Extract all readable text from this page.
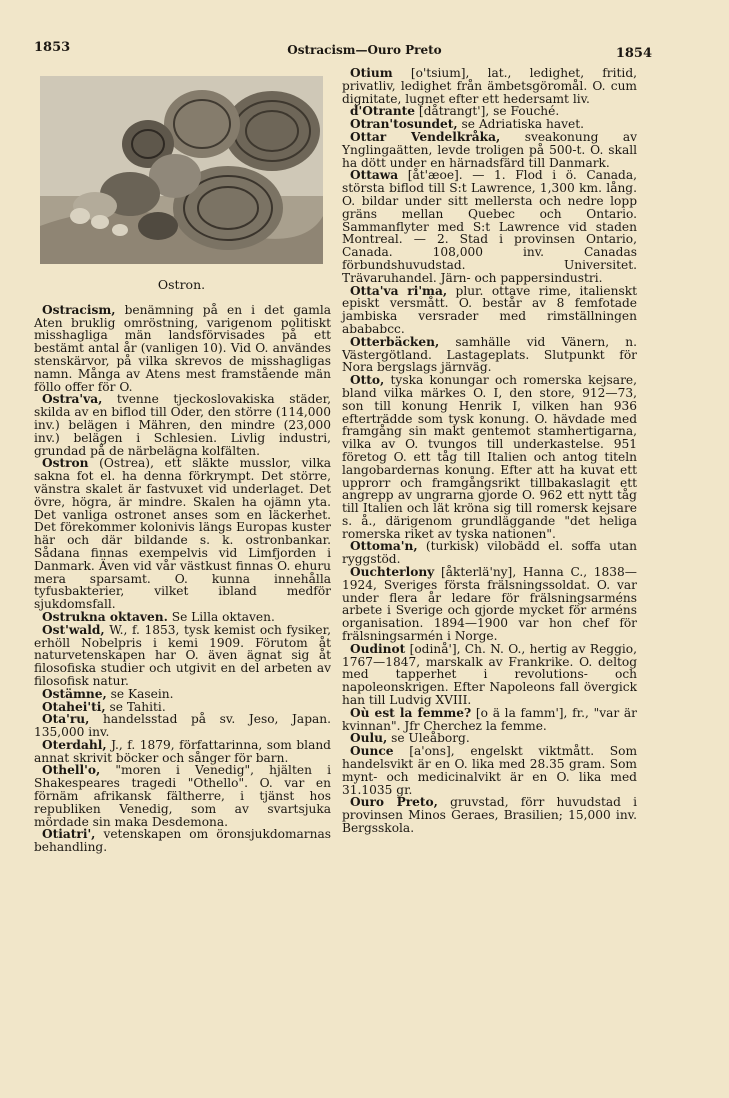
1853	Ostracism—Ouro Preto	1854
Ostron.

Ostracism, benämning på en i det gamla Aten bruklig omröstning, varigenom politiskt misshagliga män landsförvisades på ett bestämt antal år (vanligen 10). Vid O. användes stenskärvor, på vilka skrevos de misshagligas namn. Många av Atens mest framstående män föllo offer för O.

Ostra'va, tvenne tjeckoslovakiska städer, skilda av en biflod till Oder, den större (114,000 inv.) belägen i Mähren, den mindre (23,000 inv.) belägen i Schlesien. Livlig industri, grundad på de närbelägna kolfälten.

Ostron (Ostrea), ett släkte musslor, vilka sakna fot el. ha denna förkrympt. Det större, vänstra skalet är fastvuxet vid underlaget. Det övre, högra, är mindre. Skalen ha ojämn yta. Det vanliga ostronet anses som en läckerhet. Det förekommer kolonivis längs Europas kuster här och där bildande s. k. ostronbankar. Sådana finnas exempelvis vid Limfjorden i Danmark. Även vid vår västkust finnas O. ehuru mera sparsamt. O. kunna innehålla tyfusbakterier, vilket ibland medför sjukdomsfall.

Ostrukna oktaven. Se Lilla oktaven.

Ost'wald, W., f. 1853, tysk kemist och fysiker, erhöll Nobelpris i kemi 1909. Förutom åt naturvetenskapen har O. även ägnat sig åt filosofiska studier och utgivit en del arbeten av filosofisk natur.

Ostämne, se Kasein.

Otahei'ti, se Tahiti.

Ota'ru, handelsstad på sv. Jeso, Japan. 135,000 inv.

Oterdahl, J., f. 1879, författarinna, som bland annat skrivit böcker och sånger för barn.

Othell'o, "moren i Venedig", hjälten i Shakespeares tragedi "Othello". O. var en förnäm afrikansk fältherre, i tjänst hos republiken Venedig, som av svartsjuka mördade sin maka Desdemona.

Otiatri', vetenskapen om öronsjukdomarnas behandling.

Otium [o'tsium], lat., ledighet, fritid, privatliv, ledighet från ämbetsgöromål. O. cum dignitate, lugnet efter ett hedersamt liv.

d'Otrante [dåtrangt'], se Fouché.

Otran'tosundet, se Adriatiska havet.

Ottar Vendelkråka, sveakonung av Ynglingaätten, levde troligen på 500-t. O. skall ha dött under en härnadsfärd till Danmark.

Ottawa [åt'æoe]. — 1. Flod i ö. Canada, största biflod till S:t Lawrence, 1,300 km. lång. O. bildar under sitt mellersta och nedre lopp gräns mellan Quebec och Ontario. Sammanflyter med S:t Lawrence vid staden Montreal. — 2. Stad i provinsen Ontario, Canada. 108,000 inv. Canadas förbundshuvudstad. Universitet. Trävaruhandel. Järn- och pappersindustri.

Otta'va ri'ma, plur. ottave rime, italienskt episkt versmått. O. består av 8 femfotade jambiska versrader med rimställningen abababcc.

Otterbäcken, samhälle vid Vänern, n. Västergötland. Lastageplats. Slutpunkt för Nora bergslags järnväg.

Otto, tyska konungar och romerska kejsare, bland vilka märkes O. I, den store, 912—73, son till konung Henrik I, vilken han 936 efterträdde som tysk konung. O. hävdade med framgång sin makt gentemot stamhertigarna, vilka av O. tvungos till underkastelse. 951 företog O. ett tåg till Italien och antog titeln langobardernas konung. Efter att ha kuvat ett upprorr och framgångsrikt tillbakaslagit ett angrepp av ungrarna gjorde O. 962 ett nytt tåg till Italien och lät kröna sig till romersk kejsare s. å., därigenom grundläggande "det heliga romerska riket av tyska nationen".

Ottoma'n, (turkisk) vilobädd el. soffa utan ryggstöd.

Ouchterlony [åkterlä'ny], Hanna C., 1838—1924, Sveriges första frälsningssoldat. O. var under flera år ledare för frälsningsarméns arbete i Sverige och gjorde mycket för arméns organisation. 1894—1900 var hon chef för frälsningsarmén i Norge.

Oudinot [odinå'], Ch. N. O., hertig av Reggio, 1767—1847, marskalk av Frankrike. O. deltog med tapperhet i revolutions- och napoleonskrigen. Efter Napoleons fall övergick han till Ludvig XVIII.

Où est la femme? [o ä la famm'], fr., "var är kvinnan". Jfr Cherchez la femme.

Oulu, se Uleåborg.

Ounce [a'ons], engelskt viktmått. Som handelsvikt är en O. lika med 28.35 gram. Som mynt- och medicinalvikt är en O. lika med 31.1035 gr.

Ouro Preto, gruvstad, förr huvudstad i provinsen Minos Geraes, Brasilien; 15,000 inv. Bergsskola.
